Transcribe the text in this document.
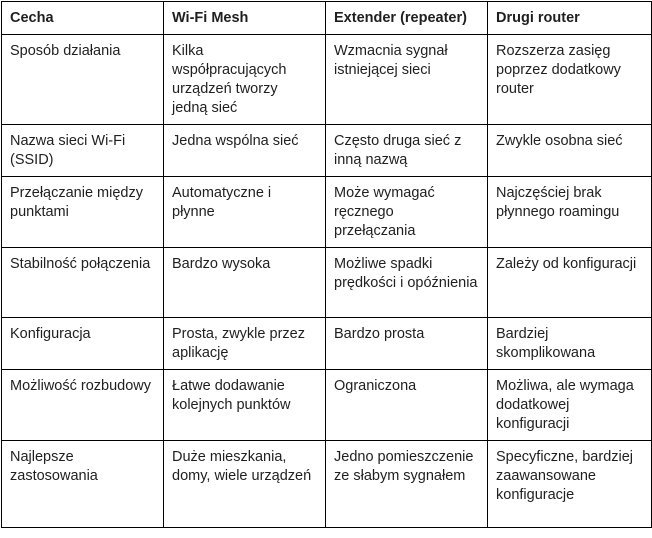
Cecha	Wi-Fi Mesh	Extender (repeater)	Drugi router
Sposób działania	Kilka współpracujących urządzeń tworzy jedną sieć	Wzmacnia sygnał istniejącej sieci	Rozszerza zasięg poprzez dodatkowy router
Nazwa sieci Wi-Fi (SSID)	Jedna wspólna sieć	Często druga sieć z inną nazwą	Zwykle osobna sieć
Przełączanie między punktami	Automatyczne i płynne	Może wymagać ręcznego przełączania	Najczęściej brak płynnego roamingu
Stabilność połączenia	Bardzo wysoka	Możliwe spadki prędkości i opóźnienia	Zależy od konfiguracji
Konfiguracja	Prosta, zwykle przez aplikację	Bardzo prosta	Bardziej skomplikowana
Możliwość rozbudowy	Łatwe dodawanie kolejnych punktów	Ograniczona	Możliwa, ale wymaga dodatkowej konfiguracji
Najlepsze zastosowania	Duże mieszkania, domy, wiele urządzeń	Jedno pomieszczenie ze słabym sygnałem	Specyficzne, bardziej zaawansowane konfiguracje
